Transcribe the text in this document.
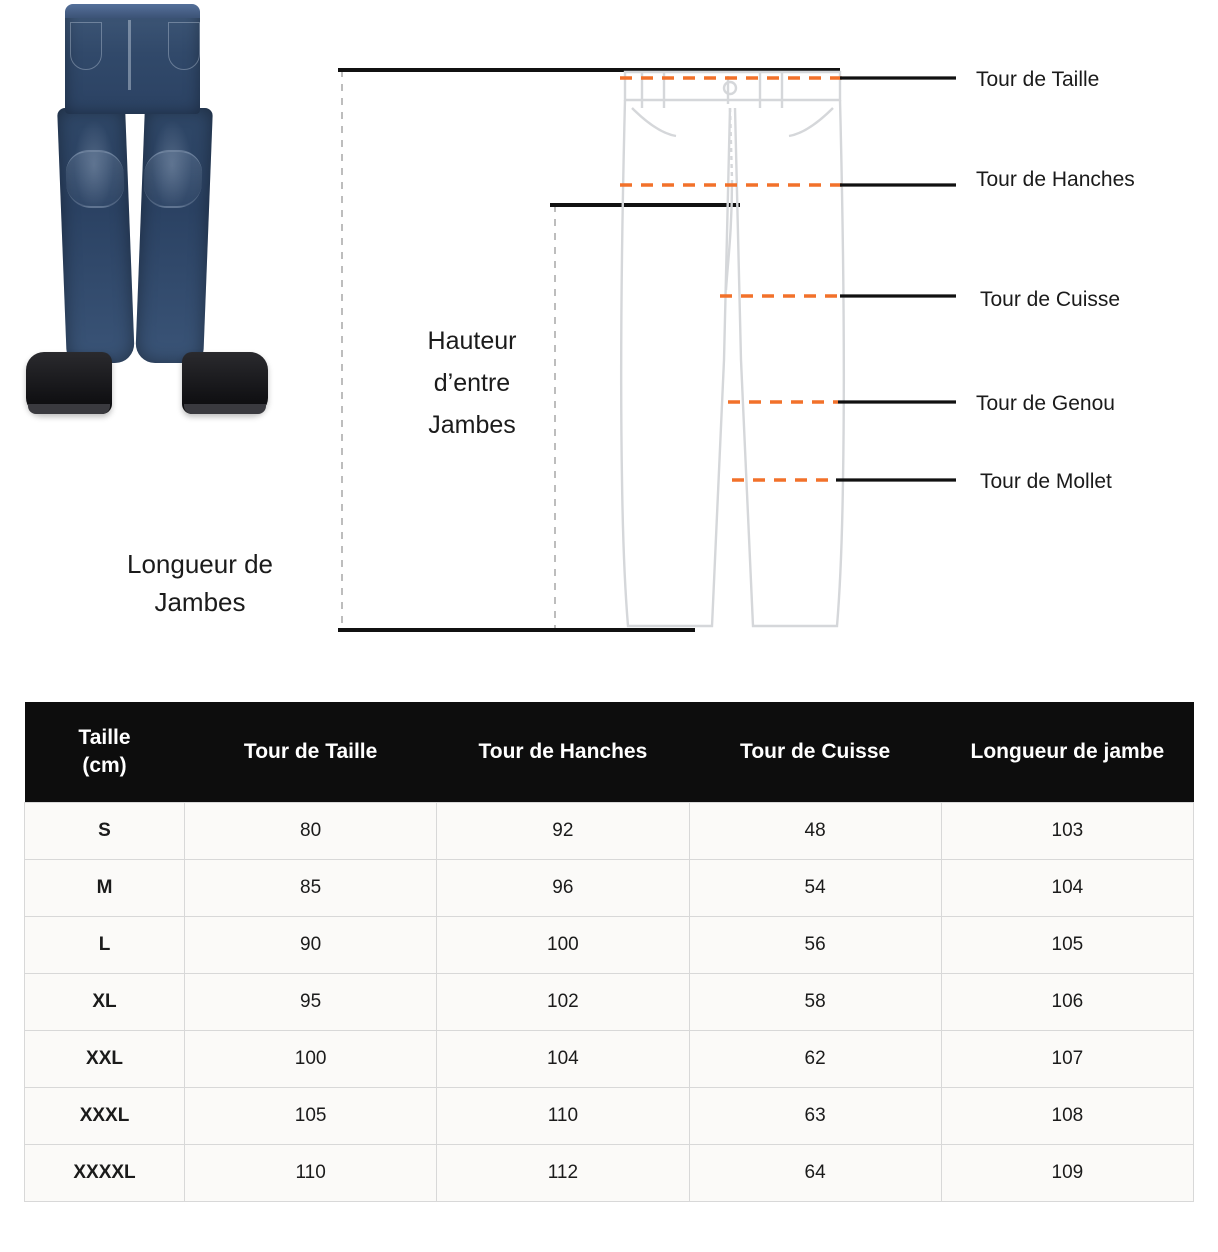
Longueur de
Jambes
Hauteur
d’entre
Jambes
Tour de Taille
Tour de Hanches
Tour de Cuisse
Tour de Genou
Tour de Mollet
Taille
(cm)	Tour de Taille	Tour de Hanches	Tour de Cuisse	Longueur de jambe
S	80	92	48	103
M	85	96	54	104
L	90	100	56	105
XL	95	102	58	106
XXL	100	104	62	107
XXXL	105	110	63	108
XXXXL	110	112	64	109
